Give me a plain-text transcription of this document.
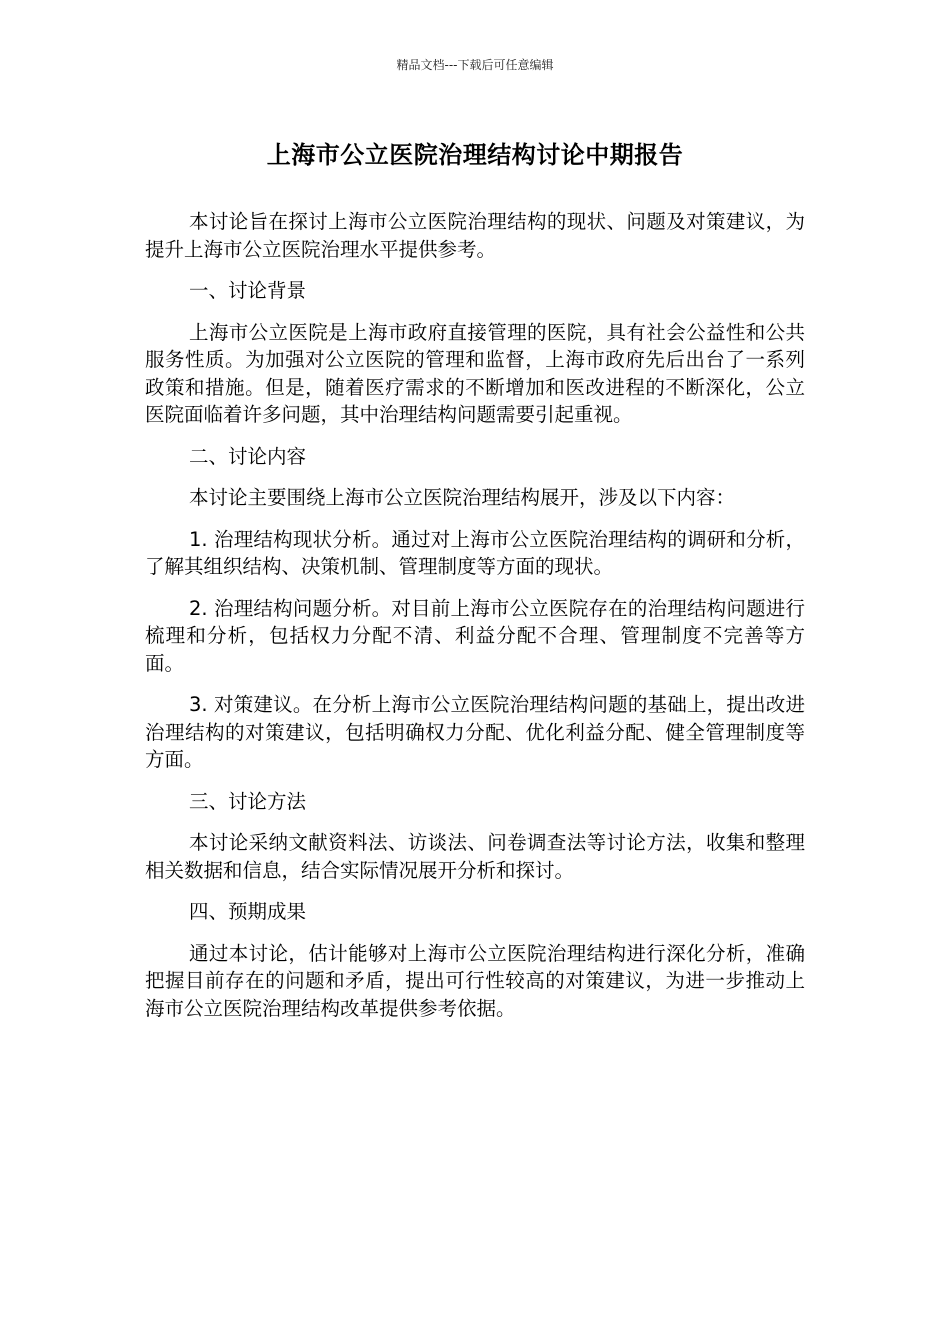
精品文档---下载后可任意编辑
上海市公立医院治理结构讨论中期报告

本讨论旨在探讨上海市公立医院治理结构的现状、问题及对策建议，为提升上海市公立医院治理水平提供参考。

一、讨论背景

上海市公立医院是上海市政府直接管理的医院，具有社会公益性和公共服务性质。为加强对公立医院的管理和监督，上海市政府先后出台了一系列政策和措施。但是，随着医疗需求的不断增加和医改进程的不断深化，公立医院面临着许多问题，其中治理结构问题需要引起重视。

二、讨论内容

本讨论主要围绕上海市公立医院治理结构展开，涉及以下内容：

1. 治理结构现状分析。通过对上海市公立医院治理结构的调研和分析，了解其组织结构、决策机制、管理制度等方面的现状。

2. 治理结构问题分析。对目前上海市公立医院存在的治理结构问题进行梳理和分析，包括权力分配不清、利益分配不合理、管理制度不完善等方面。

3. 对策建议。在分析上海市公立医院治理结构问题的基础上，提出改进治理结构的对策建议，包括明确权力分配、优化利益分配、健全管理制度等方面。

三、讨论方法

本讨论采纳文献资料法、访谈法、问卷调查法等讨论方法，收集和整理相关数据和信息，结合实际情况展开分析和探讨。

四、预期成果

通过本讨论，估计能够对上海市公立医院治理结构进行深化分析，准确把握目前存在的问题和矛盾，提出可行性较高的对策建议，为进一步推动上海市公立医院治理结构改革提供参考依据。
